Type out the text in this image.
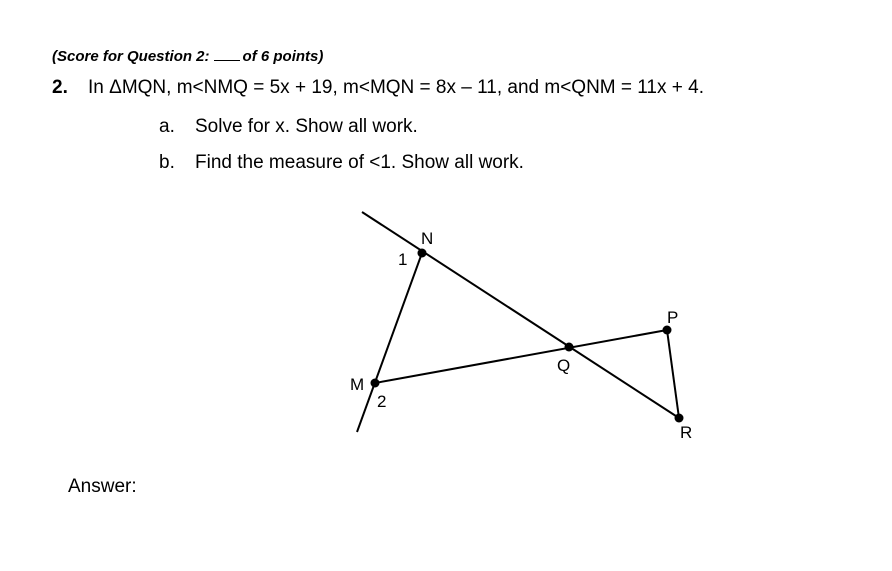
(Score for Question 2: of 6 points)
2. In ΔMQN, m<NMQ = 5x + 19, m<MQN = 8x – 11, and m<QNM = 11x + 4.
a. Solve for x. Show all work.
b. Find the measure of <1. Show all work.
N
M
Q
P
R
1
2
Answer:
